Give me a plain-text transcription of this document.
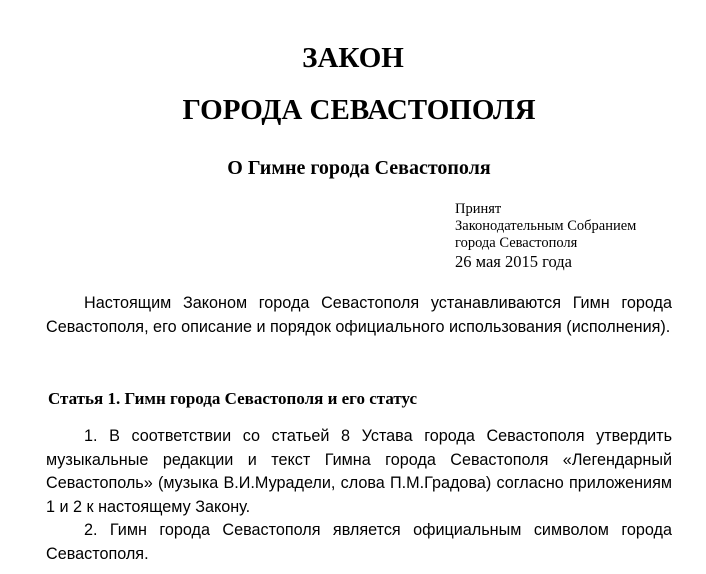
ЗАКОН
ГОРОДА СЕВАСТОПОЛЯ
О Гимне города Севастополя
Принят
Законодательным Собранием
города Севастополя
26 мая 2015 года

Настоящим Законом города Севастополя устанавливаются Гимн города Севастополя, его описание и порядок официального использования (исполнения).

Статья 1. Гимн города Севастополя и его статус

1. В соответствии со статьей 8 Устава города Севастополя утвердить музыкальные редакции и текст Гимна города Севастополя «Легендарный Севастополь» (музыка В.И.Мурадели, слова П.М.Градова) согласно приложениям 1 и 2 к настоящему Закону.

2. Гимн города Севастополя является официальным символом города Севастополя.
